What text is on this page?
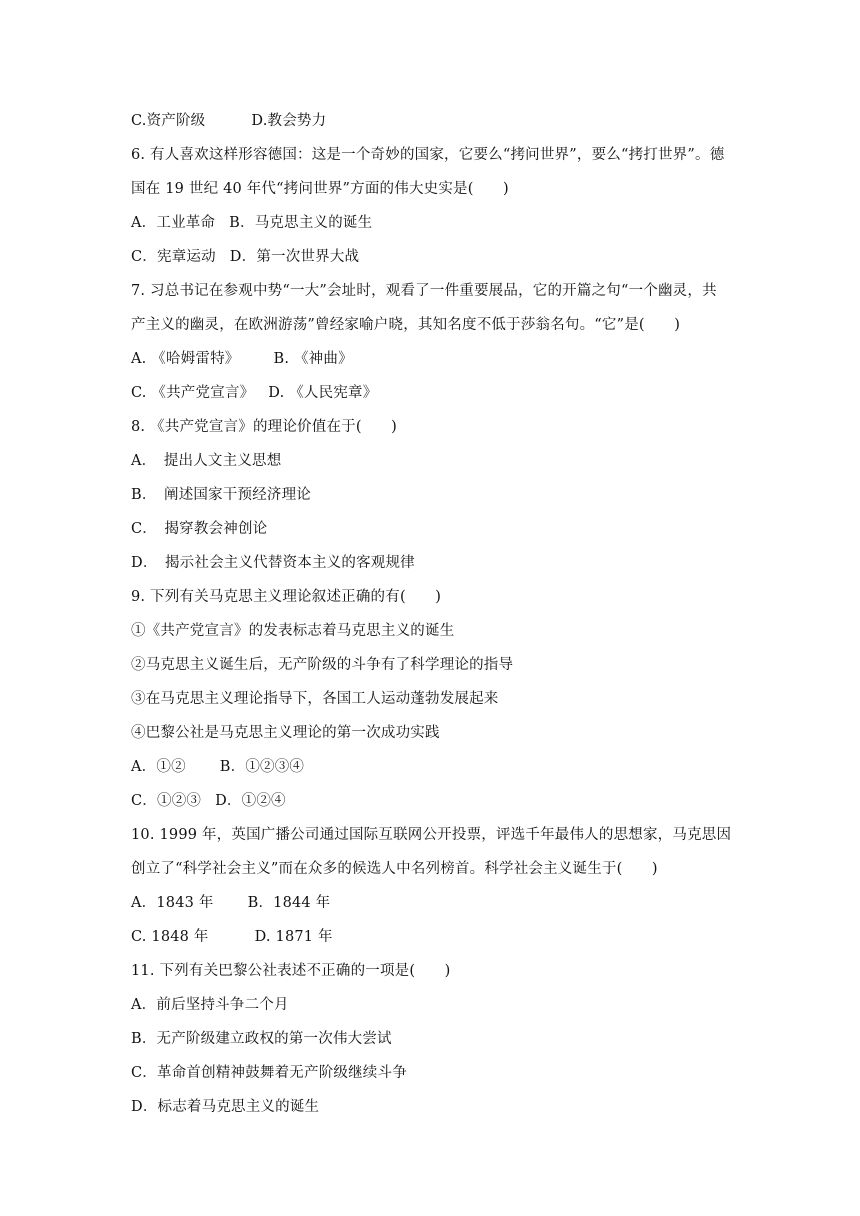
C.资产阶级	D.教会势力
6. 有人喜欢这样形容德国：这是一个奇妙的国家，它要么“拷问世界”，要么“拷打世界”。德
国在 19 世纪 40 年代“拷问世界”方面的伟大史实是(　　)
A．工业革命 B．马克思主义的诞生
C．宪章运动 D．第一次世界大战
7. 习总书记在参观中势“一大”会址时，观看了一件重要展品，它的开篇之句“一个幽灵，共
产主义的幽灵，在欧洲游荡”曾经家喻户晓，其知名度不低于莎翁名句。“它”是(　　)
A. 《哈姆雷特》 B. 《神曲》
C. 《共产党宣言》 D. 《人民宪章》
8. 《共产党宣言》的理论价值在于(　　)
A．　提出人文主义思想
B．　阐述国家干预经济理论
C．　揭穿教会神创论
D．　揭示社会主义代替资本主义的客观规律
9. 下列有关马克思主义理论叙述正确的有(　　)
①《共产党宣言》的发表标志着马克思主义的诞生
②马克思主义诞生后，无产阶级的斗争有了科学理论的指导
③在马克思主义理论指导下，各国工人运动蓬勃发展起来
④巴黎公社是马克思主义理论的第一次成功实践
A．①② B．①②③④
C．①②③ D．①②④
10. 1999 年，英国广播公司通过国际互联网公开投票，评选千年最伟人的思想家，马克思因
创立了“科学社会主义”而在众多的候选人中名列榜首。科学社会主义诞生于(　　)
A．1843 年 B．1844 年
C. 1848 年	D. 1871 年
11. 下列有关巴黎公社表述不正确的一项是(　　)
A．前后坚持斗争二个月
B．无产阶级建立政权的第一次伟大尝试
C．革命首创精神鼓舞着无产阶级继续斗争
D．标志着马克思主义的诞生
